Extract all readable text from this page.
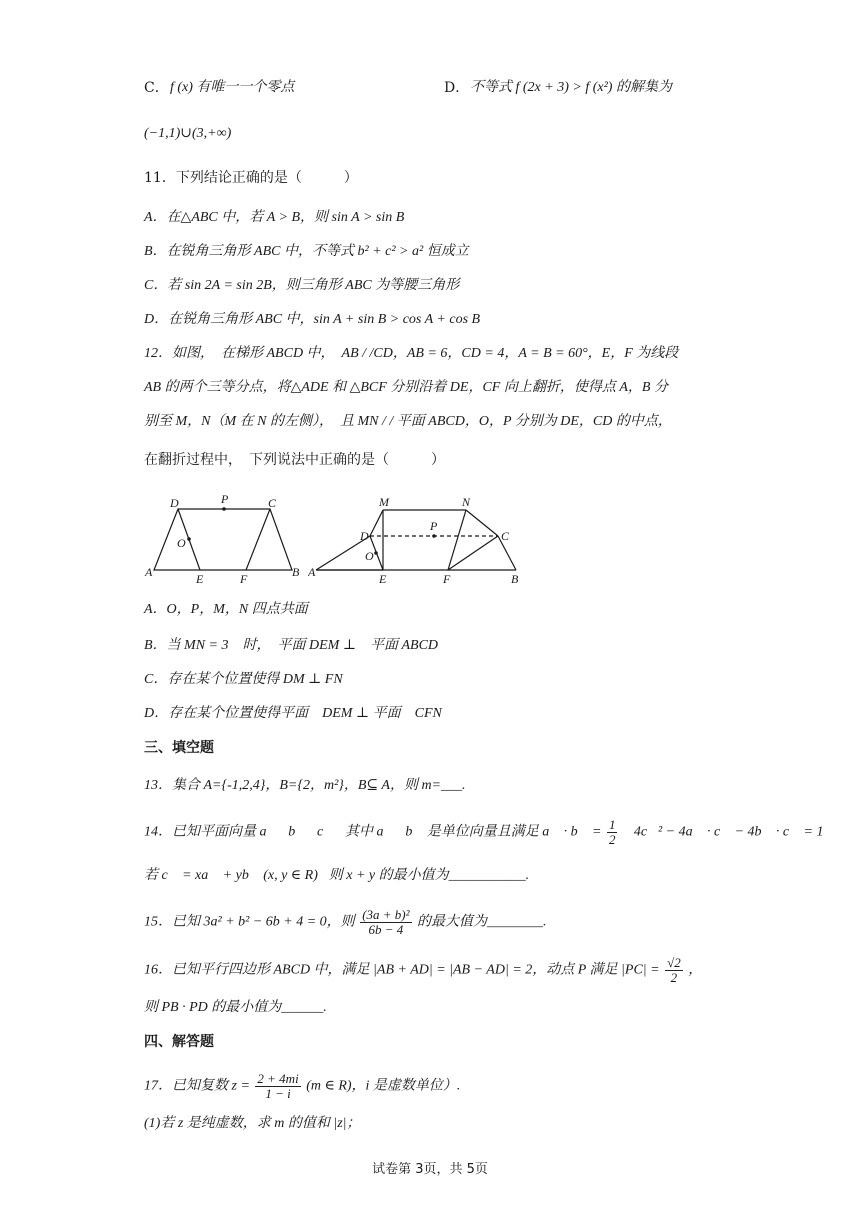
C． f (x) 有唯一一个零点	D． 不等式 f (2x + 3) > f (x²) 的解集为
(−1,1)∪(3,+∞)
11．下列结论正确的是（　　　）
A．在△ABC 中，若 A > B，则 sin A > sin B
B．在锐角三角形 ABC 中，不等式 b² + c² > a² 恒成立
C．若 sin 2A = sin 2B，则三角形 ABC 为等腰三角形
D．在锐角三角形 ABC 中，sin A + sin B > cos A + cos B
12．如图，　在梯形 ABCD 中，　AB / /CD，AB = 6，CD = 4，A = B = 60°，E，F 为线段
AB 的两个三等分点，将△ADE 和 △BCF 分别沿着 DE，CF 向上翻折，使得点 A，B 分
别至 M，N（M 在 N 的左侧），　且 MN / / 平面 ABCD，O，P 分别为 DE，CD 的中点，
在翻折过程中，　下列说法中正确的是（　　　）
D	P	C
O
A	E	F	B
M	N
D
P
C
O
A	E	F	B
A．O，P，M，N 四点共面
B．当 MN = 3　时，　平面 DEM ⊥　平面 ABCD
C．存在某个位置使得 DM ⊥ FN
D．存在某个位置使得平面　DEM ⊥ 平面　CFN
三、填空题
13．集合 A={-1,2,4}，B={2，m²}，B⊆ A，则 m=___.
14．已知平面向量 a⃗，b⃗，c⃗，其中 a⃗，b⃗ 是单位向量且满足 a⃗ · b⃗ = $\frac{1}{2}$ ，4c⃗² − 4a⃗ · c⃗ − 4b⃗ · c⃗ = 1，
若 c⃗ = xa⃗ + yb⃗ (x, y ∈ R)，则 x + y 的最小值为___________.
15．已知 3a² + b² − 6b + 4 = 0，则 $\frac{\text{(3a + b)²}}{6b - 4}$ 的最大值为________.
16．已知平行四边形 ABCD 中，满足 |AB + AD| = |AB − AD| = 2，动点 P 满足 $|PC| = \frac{√2}{2}$ ，
则 PB · PD 的最小值为______.
四、解答题
17．已知复数 $z = \frac{2 + 4mi}{1 - i} (m$ ∈ R)，i 是虚数单位）.
(1)若 z 是纯虚数，求 m 的值和 |z|；
试卷第 3页，共 5页
